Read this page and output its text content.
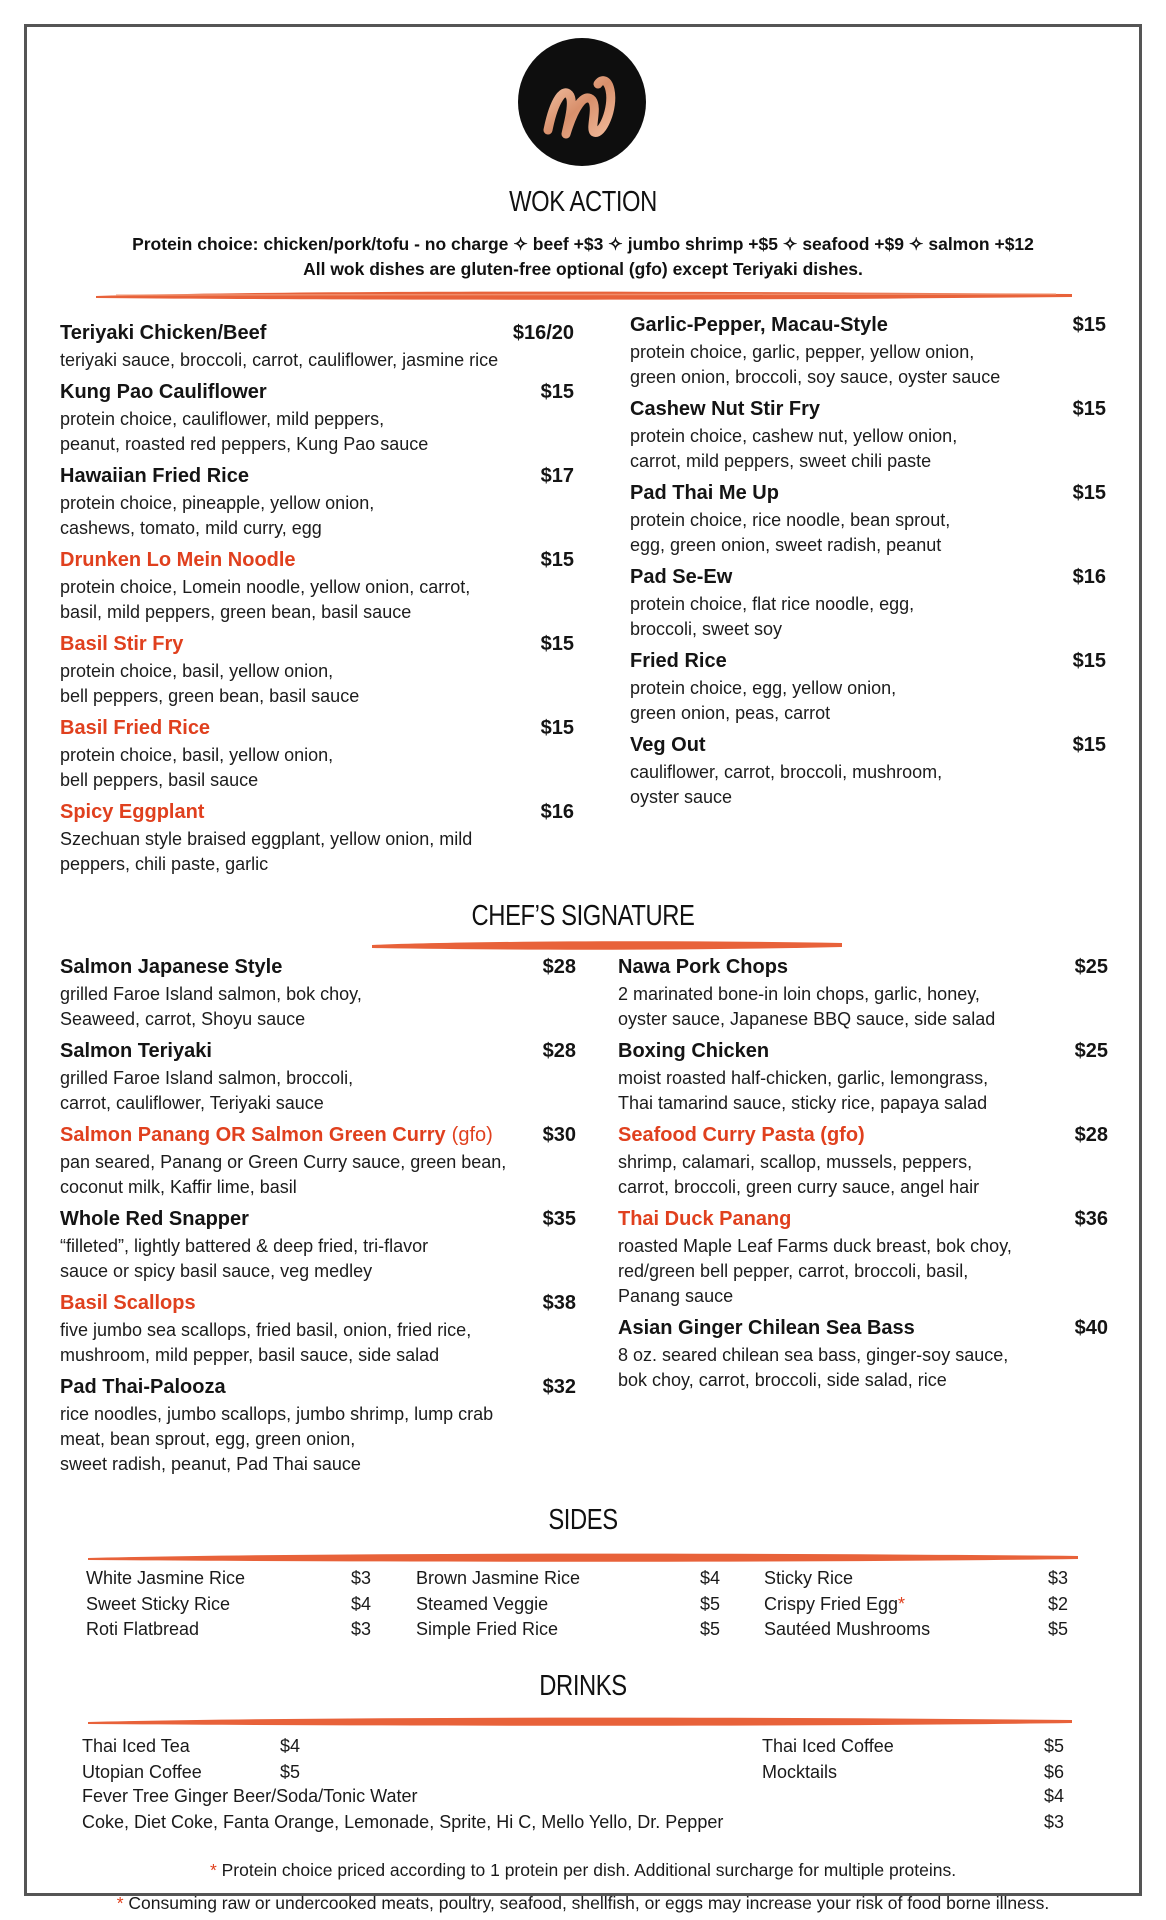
WOK ACTION
Protein choice: chicken/pork/tofu - no charge ✧ beef +$3 ✧ jumbo shrimp +$5 ✧ seafood +$9 ✧ salmon +$12
All wok dishes are gluten-free optional (gfo) except Teriyaki dishes.
Teriyaki Chicken/Beef	$16/20
teriyaki sauce, broccoli, carrot, cauliflower, jasmine rice
Kung Pao Cauliflower	$15
protein choice, cauliflower, mild peppers,
peanut, roasted red peppers, Kung Pao sauce
Hawaiian Fried Rice	$17
protein choice, pineapple, yellow onion,
cashews, tomato, mild curry, egg
Drunken Lo Mein Noodle	$15
protein choice, Lomein noodle, yellow onion, carrot,
basil, mild peppers, green bean, basil sauce
Basil Stir Fry	$15
protein choice, basil, yellow onion,
bell peppers, green bean, basil sauce
Basil Fried Rice	$15
protein choice, basil, yellow onion,
bell peppers, basil sauce
Spicy Eggplant	$16
Szechuan style braised eggplant, yellow onion, mild
peppers, chili paste, garlic
Garlic-Pepper, Macau-Style	$15
protein choice, garlic, pepper, yellow onion,
green onion, broccoli, soy sauce, oyster sauce
Cashew Nut Stir Fry	$15
protein choice, cashew nut, yellow onion,
carrot, mild peppers, sweet chili paste
Pad Thai Me Up	$15
protein choice, rice noodle, bean sprout,
egg, green onion, sweet radish, peanut
Pad Se-Ew	$16
protein choice, flat rice noodle, egg,
broccoli, sweet soy
Fried Rice	$15
protein choice, egg, yellow onion,
green onion, peas, carrot
Veg Out	$15
cauliflower, carrot, broccoli, mushroom,
oyster sauce
CHEF’S SIGNATURE
Salmon Japanese Style	$28
grilled Faroe Island salmon, bok choy,
Seaweed, carrot, Shoyu sauce
Salmon Teriyaki	$28
grilled Faroe Island salmon, broccoli,
carrot, cauliflower, Teriyaki sauce
Salmon Panang OR Salmon Green Curry (gfo) $30
pan seared, Panang or Green Curry sauce, green bean,
coconut milk, Kaffir lime, basil
Whole Red Snapper	$35
“filleted”, lightly battered & deep fried, tri-flavor
sauce or spicy basil sauce, veg medley
Basil Scallops	$38
five jumbo sea scallops, fried basil, onion, fried rice,
mushroom, mild pepper, basil sauce, side salad
Pad Thai-Palooza	$32
rice noodles, jumbo scallops, jumbo shrimp, lump crab
meat, bean sprout, egg, green onion,
sweet radish, peanut, Pad Thai sauce
Nawa Pork Chops	$25
2 marinated bone-in loin chops, garlic, honey,
oyster sauce, Japanese BBQ sauce, side salad
Boxing Chicken	$25
moist roasted half-chicken, garlic, lemongrass,
Thai tamarind sauce, sticky rice, papaya salad
Seafood Curry Pasta (gfo)	$28
shrimp, calamari, scallop, mussels, peppers,
carrot, broccoli, green curry sauce, angel hair
Thai Duck Panang	$36
roasted Maple Leaf Farms duck breast, bok choy,
red/green bell pepper, carrot, broccoli, basil,
Panang sauce
Asian Ginger Chilean Sea Bass	$40
8 oz. seared chilean sea bass, ginger-soy sauce,
bok choy, carrot, broccoli, side salad, rice
SIDES
White Jasmine Rice	$3
Sweet Sticky Rice	$4
Roti Flatbread	$3
Brown Jasmine Rice	$4
Steamed Veggie	$5
Simple Fried Rice	$5
Sticky Rice	$3
Crispy Fried Egg*	$2
Sautéed Mushrooms	$5
DRINKS
Thai Iced Tea	$4
Utopian Coffee	$5
Thai Iced Coffee	$5
Mocktails	$6
Fever Tree Ginger Beer/Soda/Tonic Water	$4
Coke, Diet Coke, Fanta Orange, Lemonade, Sprite, Hi C, Mello Yello, Dr. Pepper	$3
* Protein choice priced according to 1 protein per dish. Additional surcharge for multiple proteins.
* Consuming raw or undercooked meats, poultry, seafood, shellfish, or eggs may increase your risk of food borne illness.
